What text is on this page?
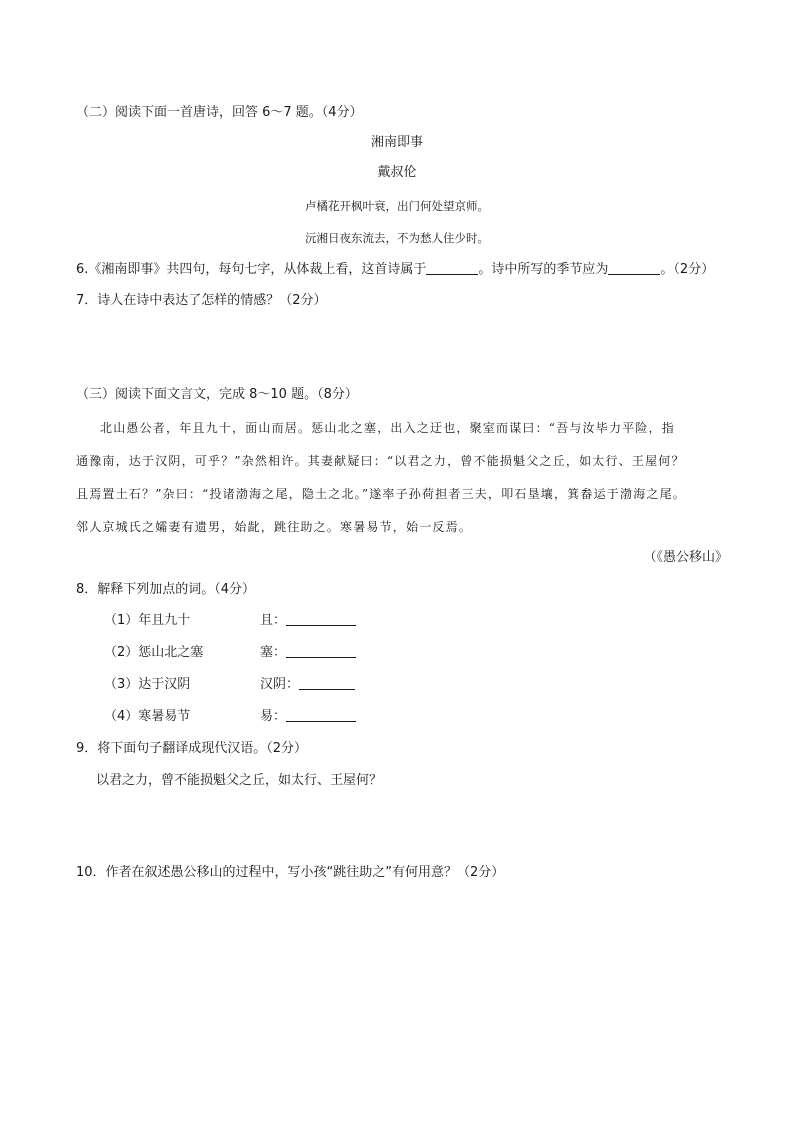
（二）阅读下面一首唐诗，回答 6～7 题。（4分）
湘南即事
戴叔伦
卢橘花开枫叶衰，出门何处望京师。
沅湘日夜东流去，不为愁人住少时。
6.《湘南即事》共四句，每句七字，从体裁上看，这首诗属于	。诗中所写的季节应为	。（2分）
7．诗人在诗中表达了怎样的情感？（2分）
（三）阅读下面文言文，完成 8～10 题。（8分）
北山愚公者，年且九十，面山而居。惩山北之塞，出入之迂也，聚室而谋曰：“吾与汝毕力平险，指
通豫南，达于汉阴，可乎？”杂然相许。其妻献疑曰：“以君之力，曾不能损魁父之丘，如太行、王屋何？
且焉置土石？”杂曰：“投诸渤海之尾，隐土之北。”遂率子孙荷担者三夫，叩石垦壤，箕畚运于渤海之尾。
邻人京城氏之孀妻有遗男，始龀，跳往助之。寒暑易节，始一反焉。
（《愚公移山》
8．解释下列加点的词。（4分）
（1）年且九十	且：
（2）惩山北之塞	塞：
（3）达于汉阴	汉阴：
（4）寒暑易节	易：
9．将下面句子翻译成现代汉语。（2分）
以君之力，曾不能损魁父之丘，如太行、王屋何？
10．作者在叙述愚公移山的过程中，写小孩“跳往助之”有何用意？（2分）
